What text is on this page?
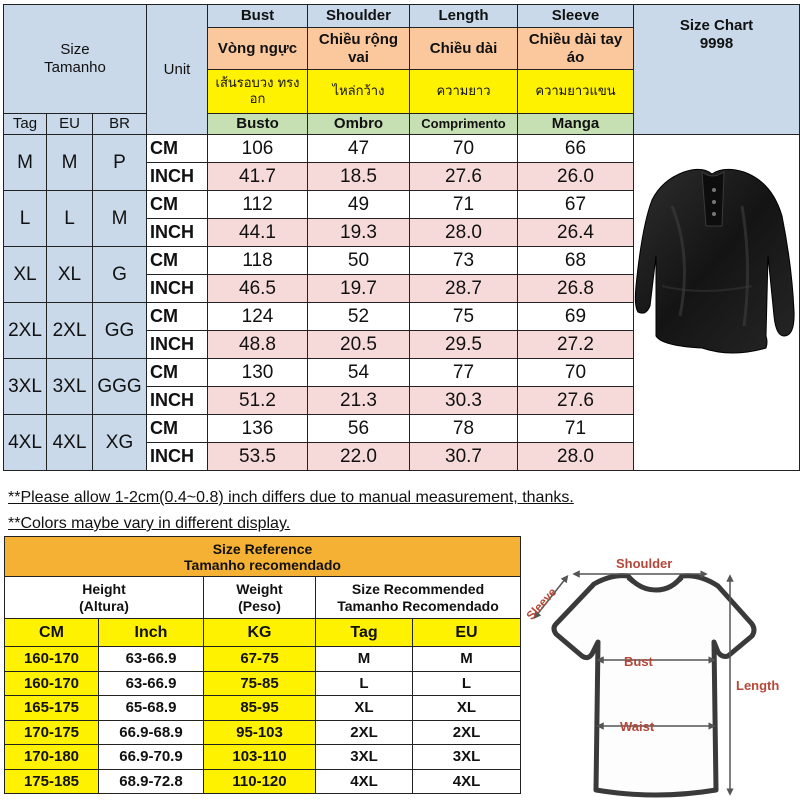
Size
Tamanho			Unit	Bust	Shoulder	Length	Sleeve	Size Chart
9998

				Vòng ngực	Chiều rộng vai	Chiều dài	Chiều dài tay áo	
				เส้นรอบวง ทรงอก	ไหล่กว้าง	ความยาว	ความยาวแขน	

Tag	EU	BR		Busto	Ombro	Comprimento	Manga	
M	M	P	CM	106	47	70	66	
			INCH	41.7	18.5	27.6	26.0	
L	L	M	CM	112	49	71	67	
			INCH	44.1	19.3	28.0	26.4	
XL	XL	G	CM	118	50	73	68	
			INCH	46.5	19.7	28.7	26.8	
2XL	2XL	GG	CM	124	52	75	69	
			INCH	48.8	20.5	29.5	27.2	
3XL	3XL	GGG	CM	130	54	77	70	
			INCH	51.2	21.3	30.3	27.6	
4XL	4XL	XG	CM	136	56	78	71	
			INCH	53.5	22.0	30.7	28.0	
**Please allow 1-2cm(0.4~0.8) inch differs due to manual measurement, thanks.
**Colors maybe vary in different display.
Size Reference
Tamanho recomendado				
Height
(Altura)		Weight
(Peso)	Size Recommended
Tamanho Recomendado	
CM	Inch	KG	Tag	EU
160-170	63-66.9	67-75	M	M
160-170	63-66.9	75-85	L	L
165-175	65-68.9	85-95	XL	XL
170-175	66.9-68.9	95-103	2XL	2XL
170-180	66.9-70.9	103-110	3XL	3XL
175-185	68.9-72.8	110-120	4XL	4XL
Shoulder
Sleeve
Bust
Waist
Length
